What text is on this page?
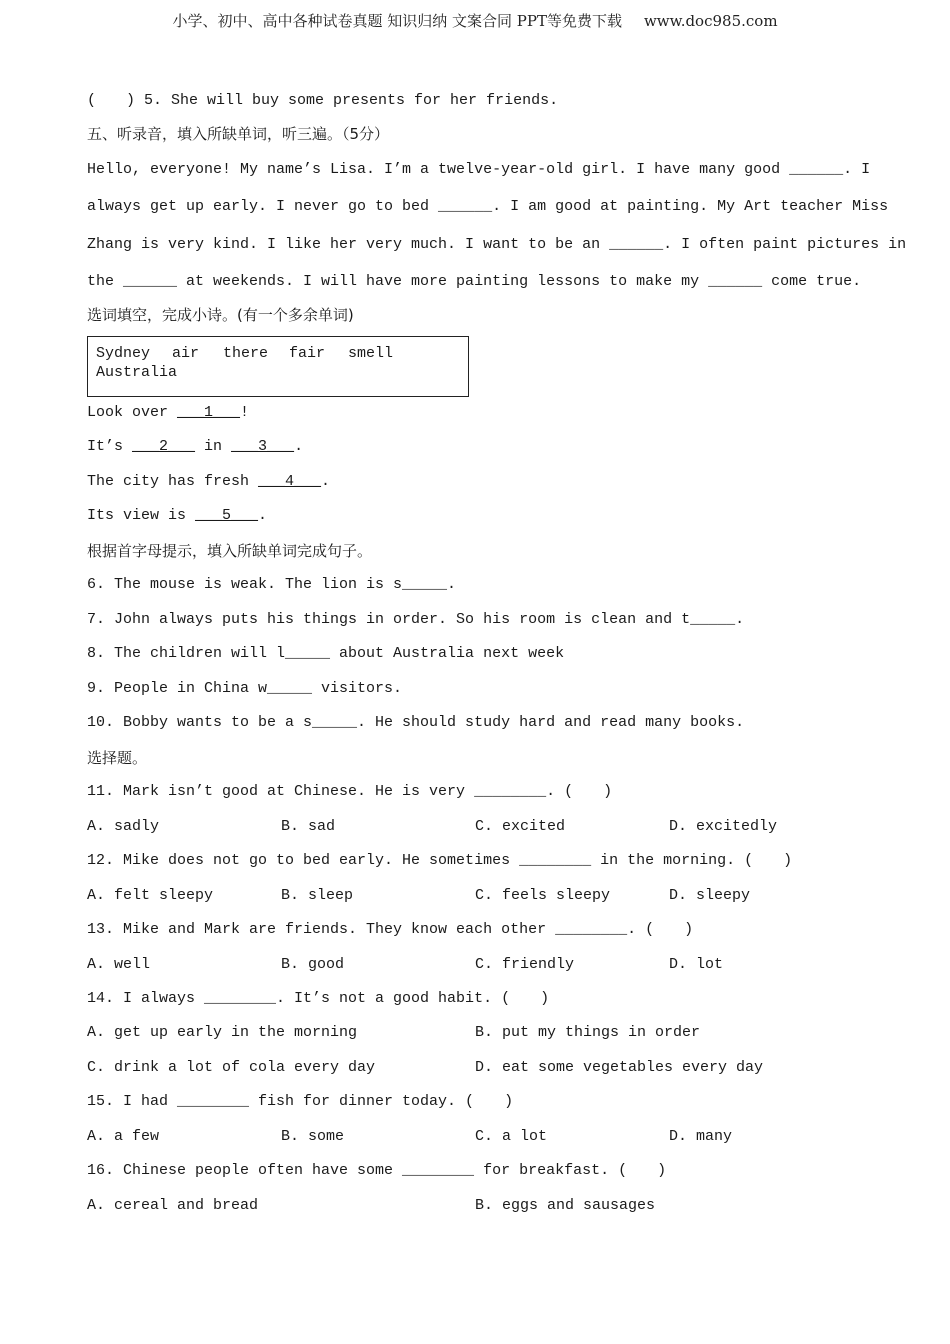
小学、初中、高中各种试卷真题 知识归纳 文案合同 PPT等免费下载 www.doc985.com
(　　) 5. She will buy some presents for her friends.
五、听录音，填入所缺单词，听三遍。（5分）
Hello, everyone! My name’s Lisa. I’m a twelve-year-old girl. I have many good ______. I
always get up early. I never go to bed ______. I am good at painting. My Art teacher Miss
Zhang is very kind. I like her very much. I want to be an ______. I often paint pictures in
the ______ at weekends. I will have more painting lessons to make my ______ come true.
选词填空，完成小诗。(有一个多余单词)
Sydney air there fair smell
Australia
Look over ___1___!
It’s ___2___ in ___3___.
The city has fresh ___4___.
Its view is ___5___.
根据首字母提示，填入所缺单词完成句子。
6. The mouse is weak. The lion is s_____.
7. John always puts his things in order. So his room is clean and t_____.
8. The children will l_____ about Australia next week
9. People in China w_____ visitors.
10. Bobby wants to be a s_____. He should study hard and read many books.
选择题。
11. Mark isn’t good at Chinese. He is very ________. (　　)
A. sadly	B. sad	C. excited	D. excitedly
12. Mike does not go to bed early. He sometimes ________ in the morning. (　　)
A. felt sleepy	B. sleep	C. feels sleepy	D. sleepy
13. Mike and Mark are friends. They know each other ________. (　　)
A. well	B. good	C. friendly	D. lot
14. I always ________. It’s not a good habit. (　　)
A. get up early in the morning	B. put my things in order
C. drink a lot of cola every day	D. eat some vegetables every day
15. I had ________ fish for dinner today. (　　)
A. a few	B. some	C. a lot	D. many
16. Chinese people often have some ________ for breakfast. (　　)
A. cereal and bread	B. eggs and sausages
